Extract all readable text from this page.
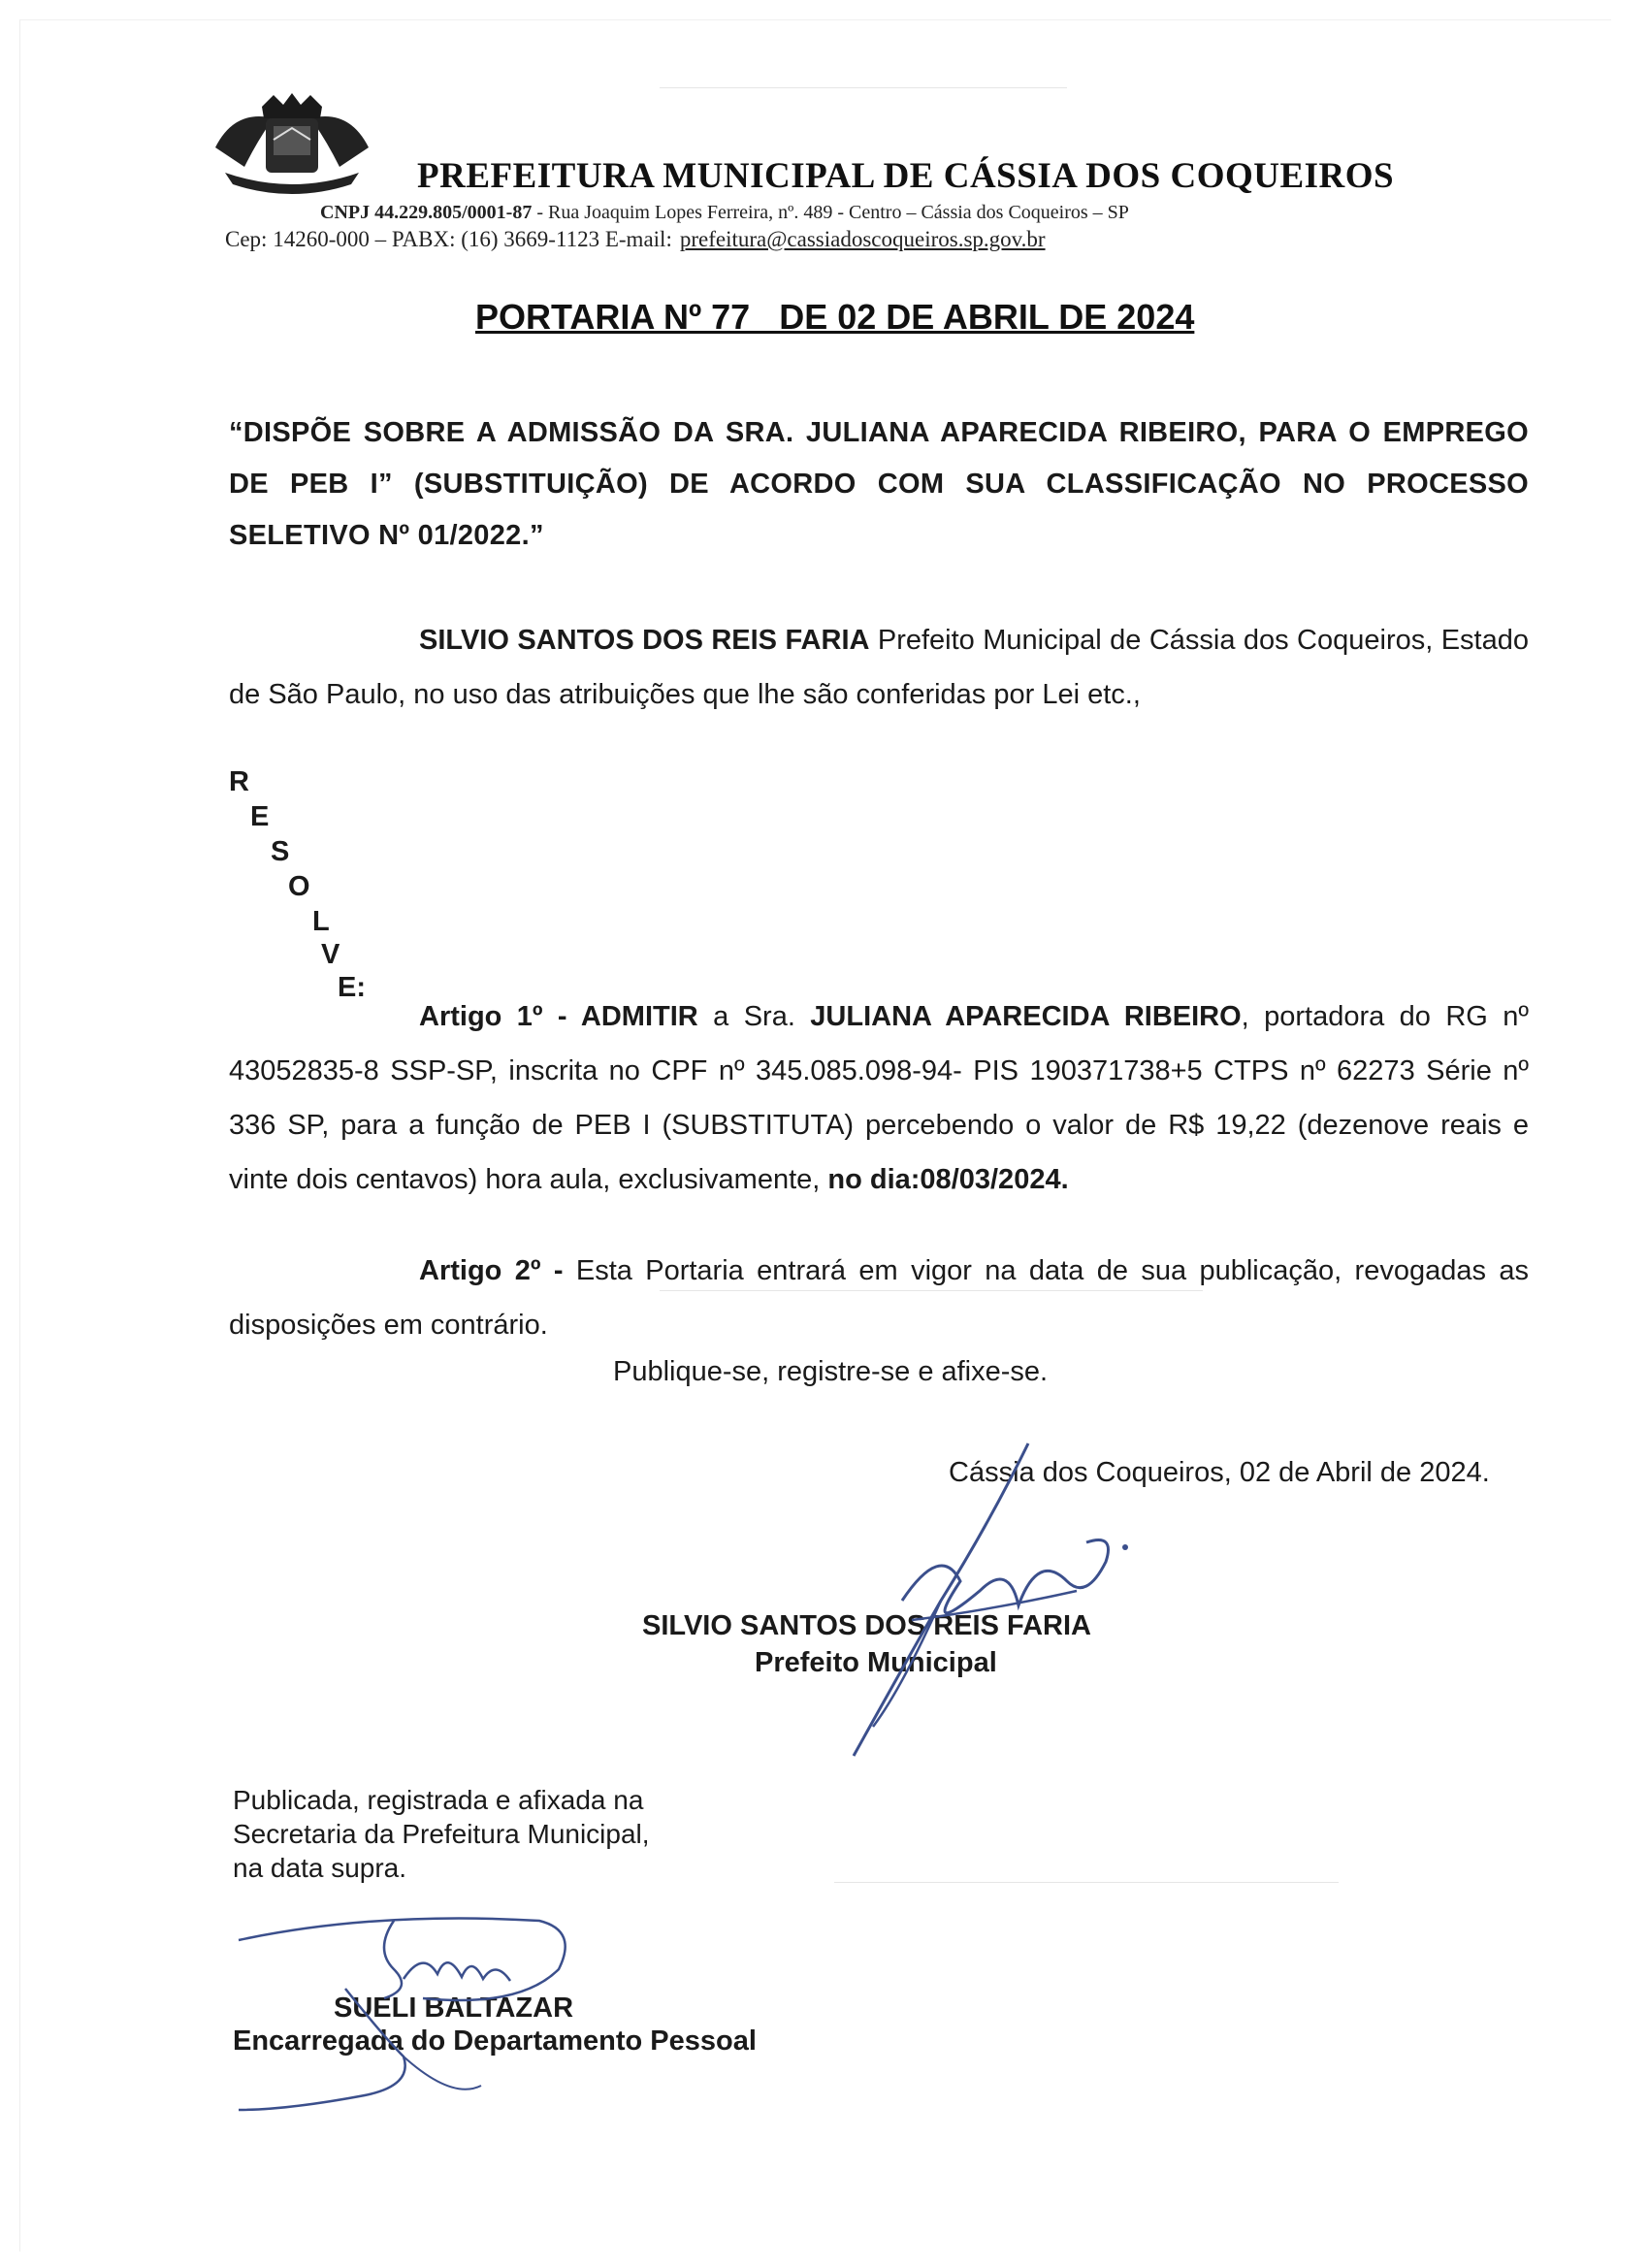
PREFEITURA MUNICIPAL DE CÁSSIA DOS COQUEIROS
CNPJ 44.229.805/0001-87 - Rua Joaquim Lopes Ferreira, nº. 489 - Centro – Cássia dos Coqueiros – SP
Cep: 14260-000 – PABX: (16) 3669-1123 E-mail: prefeitura@cassiadoscoqueiros.sp.gov.br
PORTARIA Nº 77   DE 02 DE ABRIL DE 2024
“DISPÕE SOBRE A ADMISSÃO DA SRA. JULIANA APARECIDA RIBEIRO, PARA O EMPREGO DE PEB I” (SUBSTITUIÇÃO) DE ACORDO COM SUA CLASSIFICAÇÃO NO PROCESSO SELETIVO Nº 01/2022.”
SILVIO SANTOS DOS REIS FARIA Prefeito Municipal de Cássia dos Coqueiros, Estado de São Paulo, no uso das atribuições que lhe são conferidas por Lei etc.,
R
E
S
O
L
V
E:
Artigo 1º - ADMITIR a Sra. JULIANA APARECIDA RIBEIRO, portadora do RG nº 43052835-8 SSP-SP, inscrita no CPF nº 345.085.098-94- PIS 190371738+5 CTPS nº 62273 Série nº 336 SP, para a função de PEB I (SUBSTITUTA) percebendo o valor de R$ 19,22 (dezenove reais e vinte dois centavos) hora aula, exclusivamente, no dia:08/03/2024.
Artigo 2º - Esta Portaria entrará em vigor na data de sua publicação, revogadas as disposições em contrário.
Publique-se, registre-se e afixe-se.
Cássia dos Coqueiros, 02 de Abril de 2024.
SILVIO SANTOS DOS REIS FARIA
Prefeito Municipal
Publicada, registrada e afixada na
Secretaria da Prefeitura Municipal,
na data supra.
SUELI BALTAZAR
Encarregada do Departamento Pessoal
